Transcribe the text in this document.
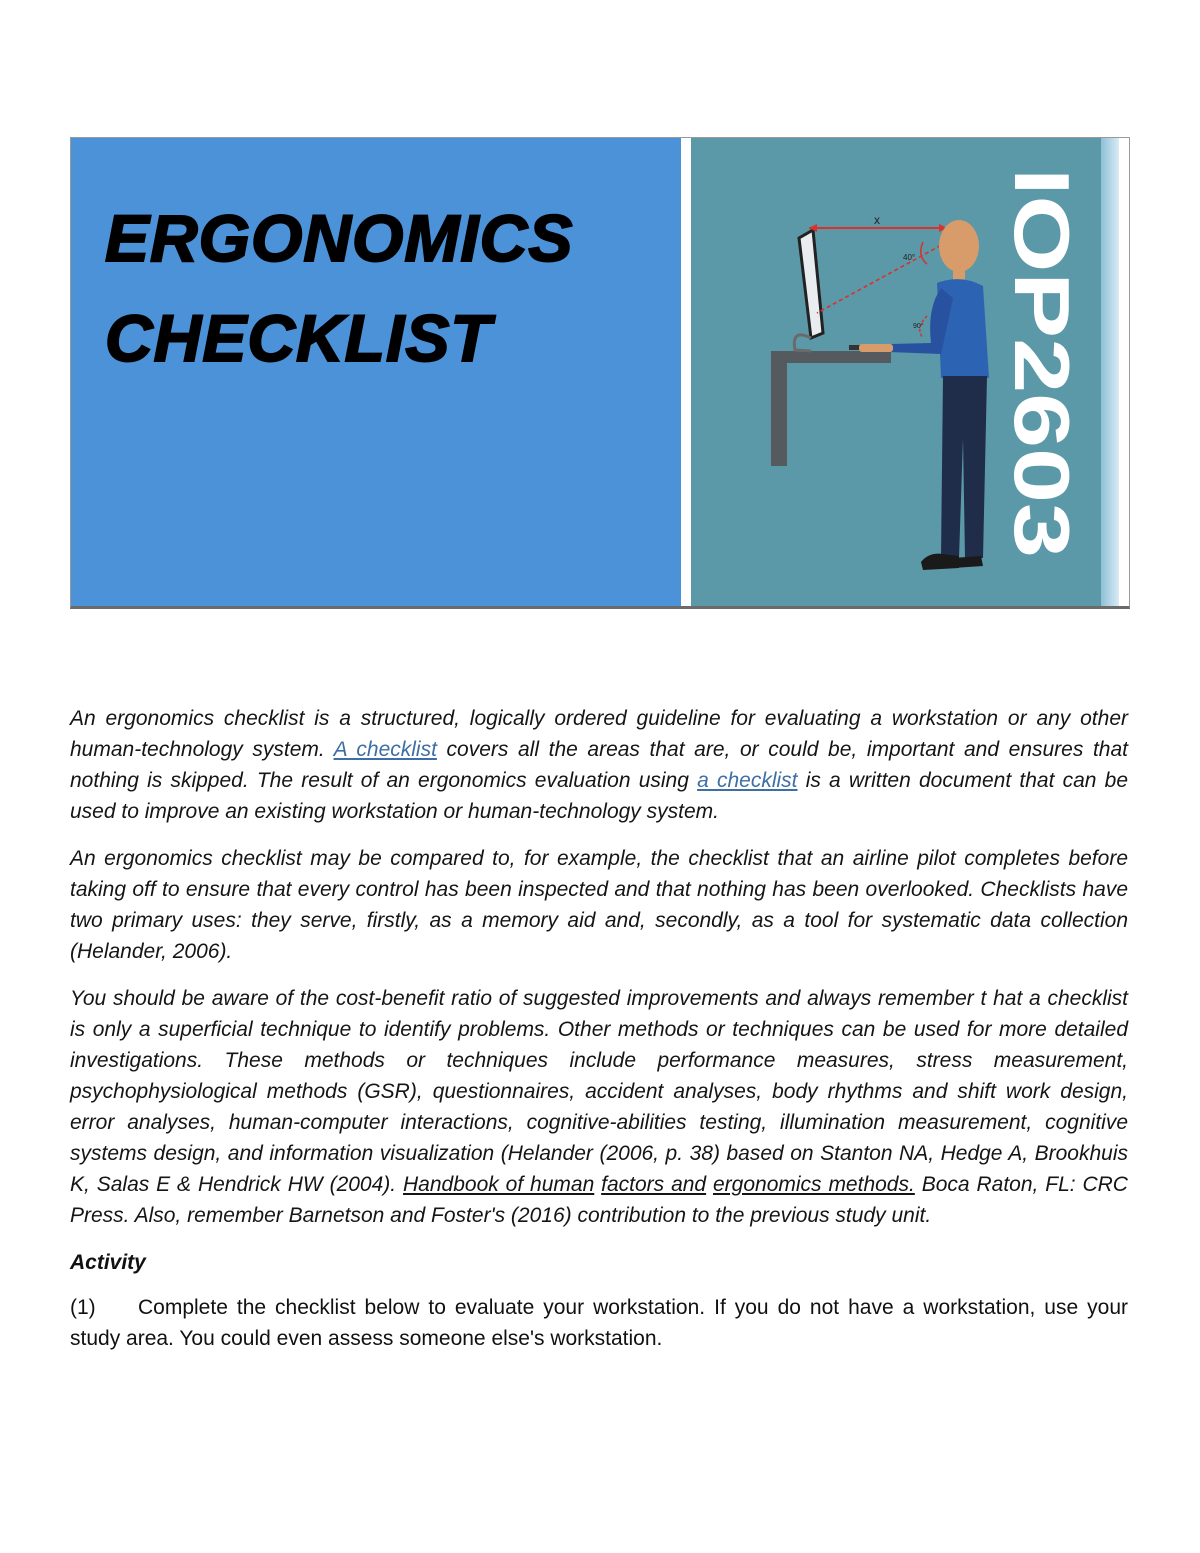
ERGONOMICS
CHECKLIST
x
40°
90° IOP2603

An ergonomics checklist is a structured, logically ordered guideline for evaluating a workstation or any other human-technology system. A checklist covers all the areas that are, or could be, important and ensures that nothing is skipped. The result of an ergonomics evaluation using a checklist is a written document that can be used to improve an existing workstation or human-technology system.

An ergonomics checklist may be compared to, for example, the checklist that an airline pilot completes before taking off to ensure that every control has been inspected and that nothing has been overlooked. Checklists have two primary uses: they serve, firstly, as a memory aid and, secondly, as a tool for systematic data collection (Helander, 2006).

You should be aware of the cost-benefit ratio of suggested improvements and always remember t hat a checklist is only a superficial technique to identify problems. Other methods or techniques can be used for more detailed investigations. These methods or techniques include performance measures, stress measurement, psychophysiological methods (GSR), questionnaires, accident analyses, body rhythms and shift work design, error analyses, human-computer interactions, cognitive-abilities testing, illumination measurement, cognitive systems design, and information visualization (Helander (2006, p. 38) based on Stanton NA, Hedge A, Brookhuis K, Salas E & Hendrick HW (2004). Handbook of human factors and ergonomics methods. Boca Raton, FL: CRC Press. Also, remember Barnetson and Foster's (2016) contribution to the previous study unit.

Activity

(1) Complete the checklist below to evaluate your workstation. If you do not have a workstation, use your study area. You could even assess someone else's workstation.
